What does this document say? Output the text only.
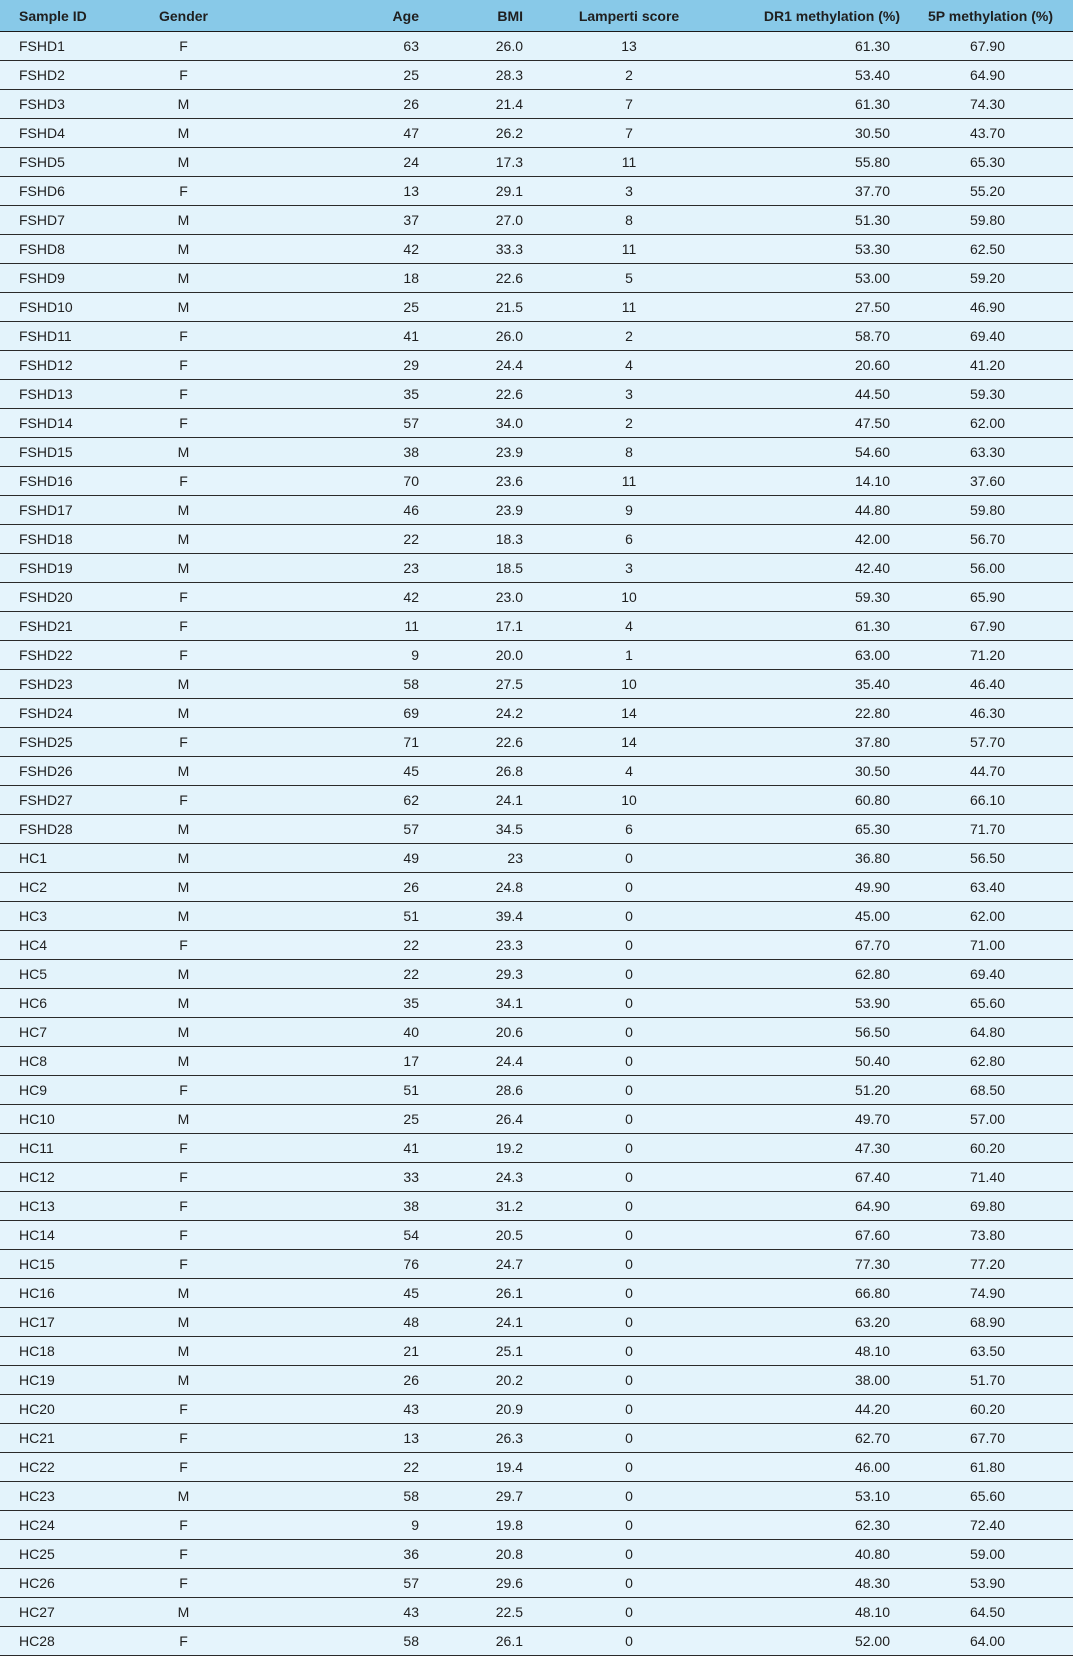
Sample ID	Gender	Age	BMI	Lamperti score	DR1 methylation (%)	5P methylation (%)
FSHD1	F	63	26.0	13	61.30	67.90
FSHD2	F	25	28.3	2	53.40	64.90
FSHD3	M	26	21.4	7	61.30	74.30
FSHD4	M	47	26.2	7	30.50	43.70
FSHD5	M	24	17.3	11	55.80	65.30
FSHD6	F	13	29.1	3	37.70	55.20
FSHD7	M	37	27.0	8	51.30	59.80
FSHD8	M	42	33.3	11	53.30	62.50
FSHD9	M	18	22.6	5	53.00	59.20
FSHD10	M	25	21.5	11	27.50	46.90
FSHD11	F	41	26.0	2	58.70	69.40
FSHD12	F	29	24.4	4	20.60	41.20
FSHD13	F	35	22.6	3	44.50	59.30
FSHD14	F	57	34.0	2	47.50	62.00
FSHD15	M	38	23.9	8	54.60	63.30
FSHD16	F	70	23.6	11	14.10	37.60
FSHD17	M	46	23.9	9	44.80	59.80
FSHD18	M	22	18.3	6	42.00	56.70
FSHD19	M	23	18.5	3	42.40	56.00
FSHD20	F	42	23.0	10	59.30	65.90
FSHD21	F	11	17.1	4	61.30	67.90
FSHD22	F	9	20.0	1	63.00	71.20
FSHD23	M	58	27.5	10	35.40	46.40
FSHD24	M	69	24.2	14	22.80	46.30
FSHD25	F	71	22.6	14	37.80	57.70
FSHD26	M	45	26.8	4	30.50	44.70
FSHD27	F	62	24.1	10	60.80	66.10
FSHD28	M	57	34.5	6	65.30	71.70
HC1	M	49	23	0	36.80	56.50
HC2	M	26	24.8	0	49.90	63.40
HC3	M	51	39.4	0	45.00	62.00
HC4	F	22	23.3	0	67.70	71.00
HC5	M	22	29.3	0	62.80	69.40
HC6	M	35	34.1	0	53.90	65.60
HC7	M	40	20.6	0	56.50	64.80
HC8	M	17	24.4	0	50.40	62.80
HC9	F	51	28.6	0	51.20	68.50
HC10	M	25	26.4	0	49.70	57.00
HC11	F	41	19.2	0	47.30	60.20
HC12	F	33	24.3	0	67.40	71.40
HC13	F	38	31.2	0	64.90	69.80
HC14	F	54	20.5	0	67.60	73.80
HC15	F	76	24.7	0	77.30	77.20
HC16	M	45	26.1	0	66.80	74.90
HC17	M	48	24.1	0	63.20	68.90
HC18	M	21	25.1	0	48.10	63.50
HC19	M	26	20.2	0	38.00	51.70
HC20	F	43	20.9	0	44.20	60.20
HC21	F	13	26.3	0	62.70	67.70
HC22	F	22	19.4	0	46.00	61.80
HC23	M	58	29.7	0	53.10	65.60
HC24	F	9	19.8	0	62.30	72.40
HC25	F	36	20.8	0	40.80	59.00
HC26	F	57	29.6	0	48.30	53.90
HC27	M	43	22.5	0	48.10	64.50
HC28	F	58	26.1	0	52.00	64.00
